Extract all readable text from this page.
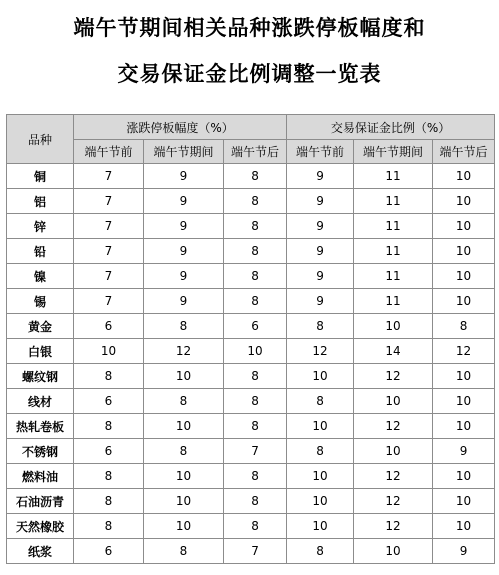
端午节期间相关品种涨跌停板幅度和
交易保证金比例调整一览表
品种	涨跌停板幅度（%）			交易保证金比例（%）		
	端午节前	端午节期间	端午节后	端午节前	端午节期间	端午节后
铜	7	9	8	9	11	10
铝	7	9	8	9	11	10
锌	7	9	8	9	11	10
铅	7	9	8	9	11	10
镍	7	9	8	9	11	10
锡	7	9	8	9	11	10
黄金	6	8	6	8	10	8
白银	10	12	10	12	14	12
螺纹钢	8	10	8	10	12	10
线材	6	8	8	8	10	10
热轧卷板	8	10	8	10	12	10
不锈钢	6	8	7	8	10	9
燃料油	8	10	8	10	12	10
石油沥青	8	10	8	10	12	10
天然橡胶	8	10	8	10	12	10
纸浆	6	8	7	8	10	9
